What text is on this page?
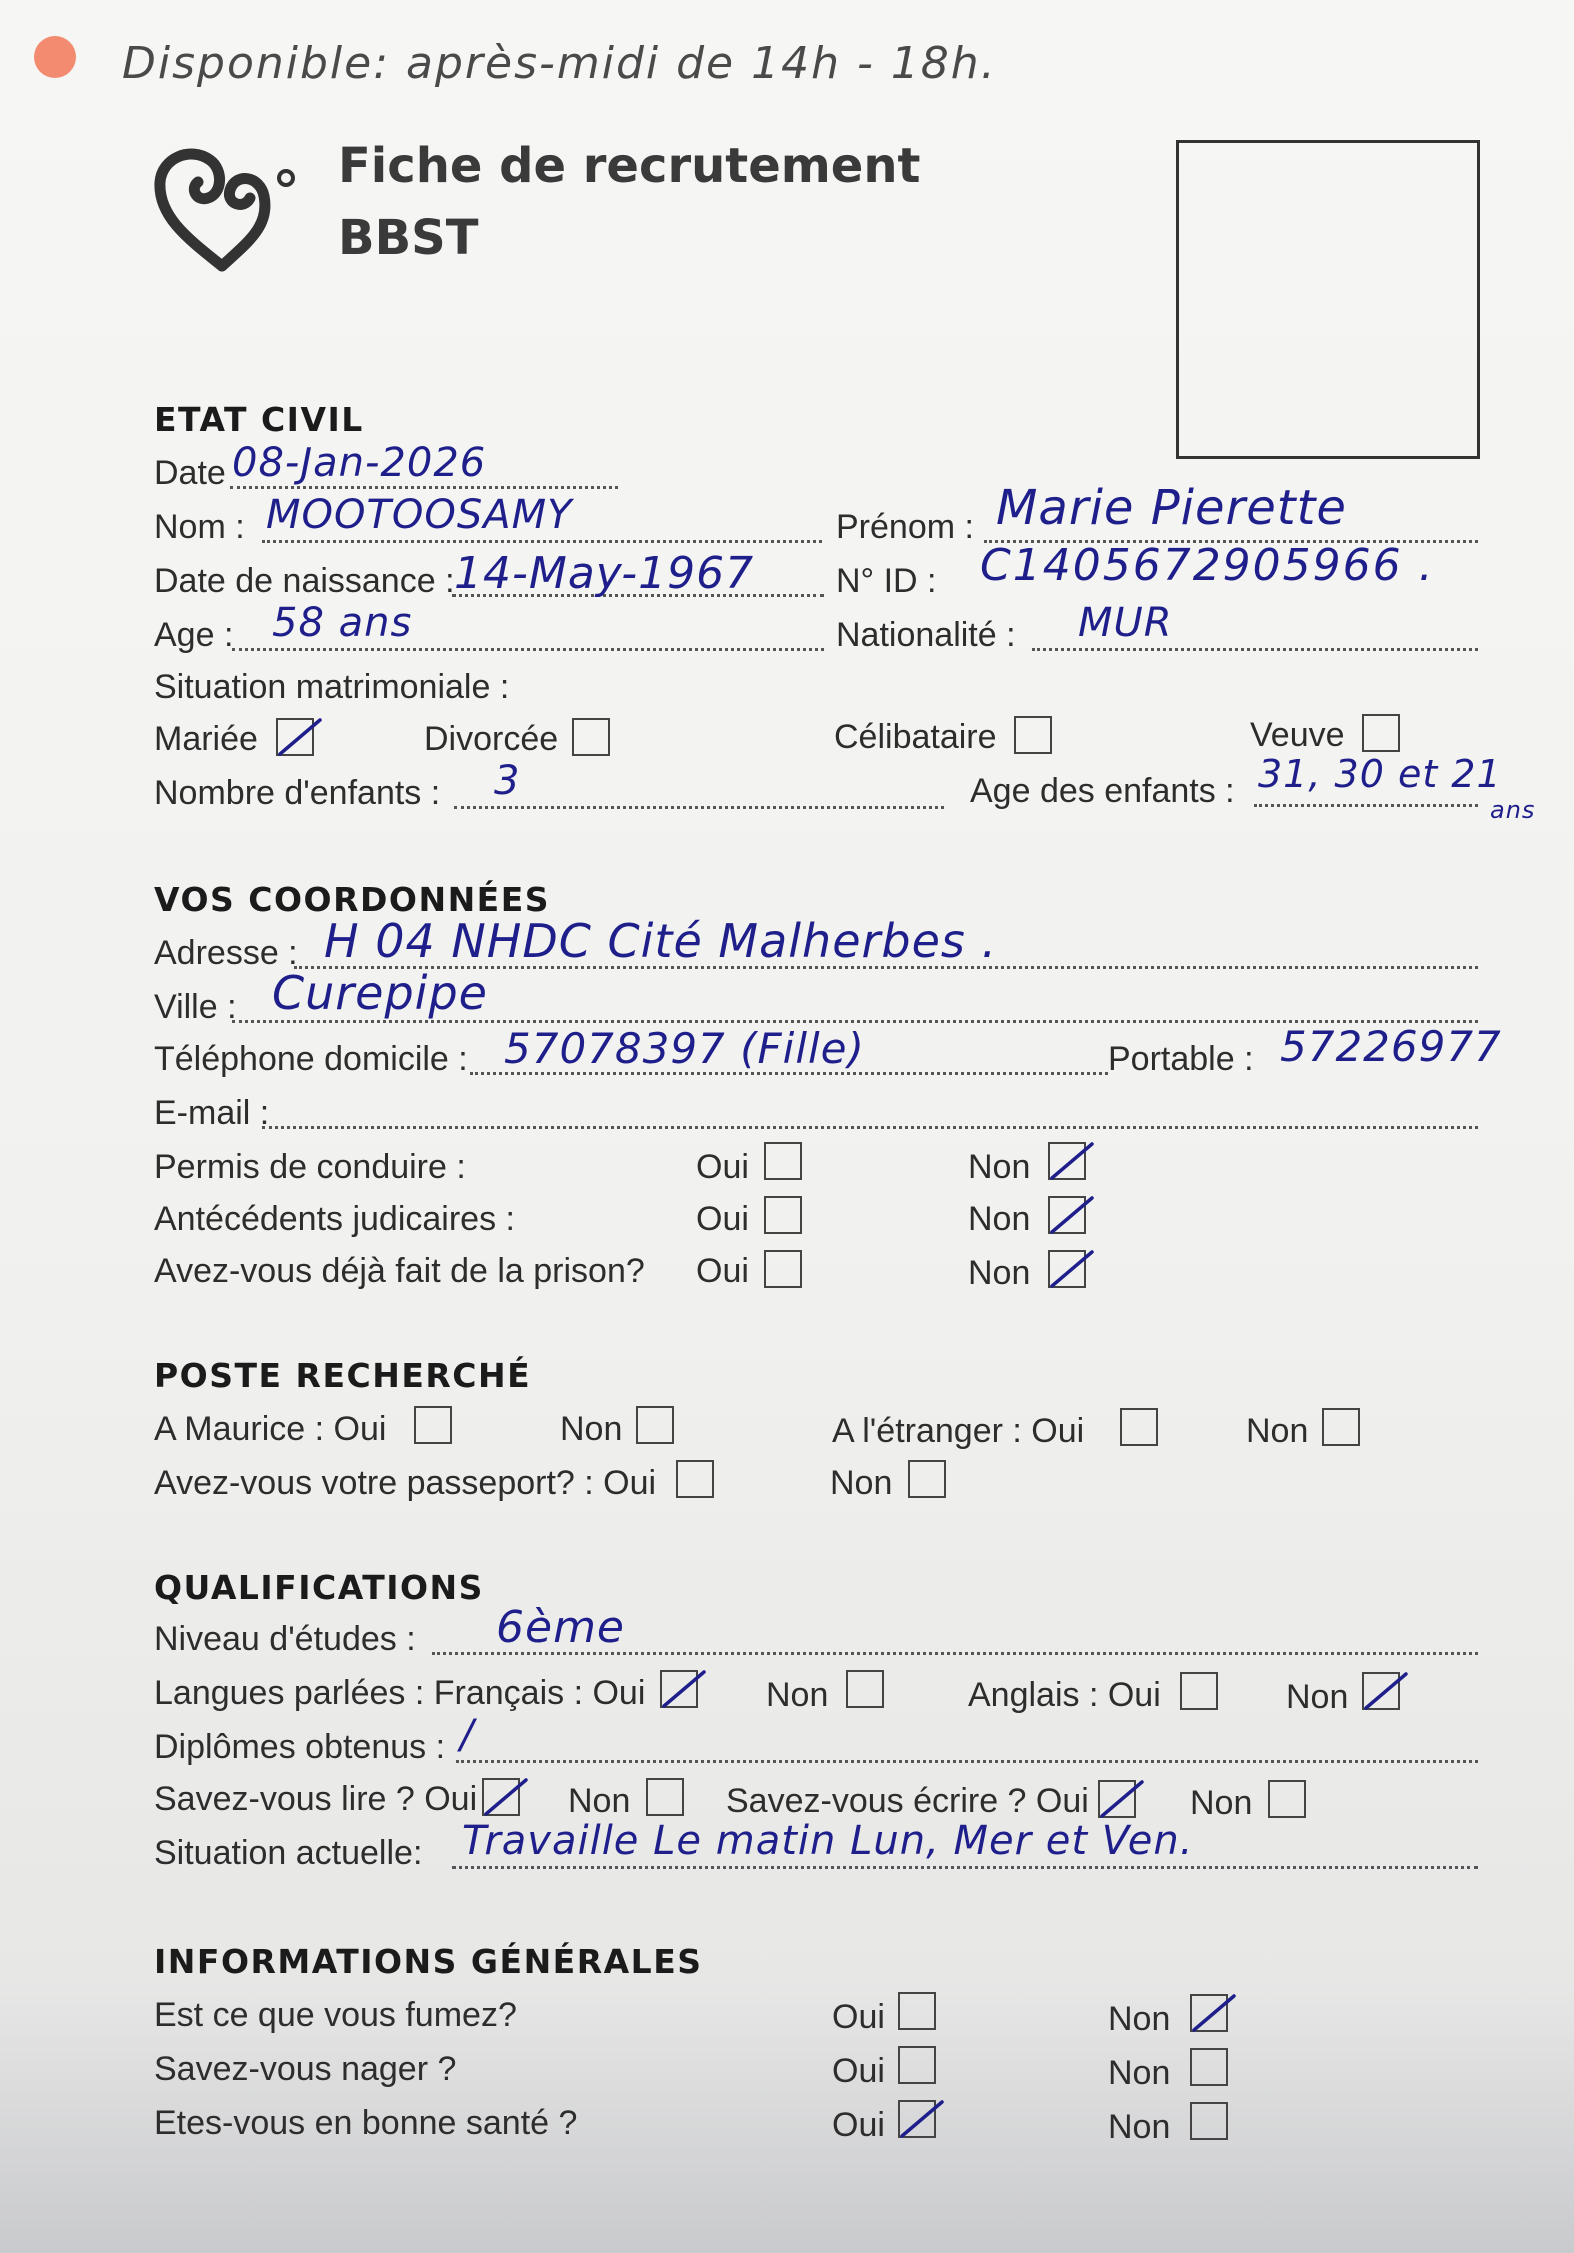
Disponible: après-midi de 14h - 18h.
Fiche de recrutement
BBST
ETAT CIVIL
Date 08-Jan-2026
Nom : MOOTOOSAMY	Prénom : Marie Pierette
Date de naissance : 14-May-1967 N° ID : C1405672905966 .
Age : 58 ans	Nationalité : MUR
Situation matrimoniale :
Mariée	Divorcée	Célibataire	Veuve
Nombre d'enfants : 3	Age des enfants : 31, 30 et 21
ans
VOS COORDONNÉES
Adresse : H 04 NHDC Cité Malherbes .
Ville : Curepipe
Téléphone domicile : 57078397 (Fille)	Portable : 57226977
E-mail :
Permis de conduire :	Oui	Non
Antécédents judicaires :	Oui	Non
Avez-vous déjà fait de la prison? Oui	Non
POSTE RECHERCHÉ
A Maurice : Oui	Non	A l'étranger : Oui	Non
Avez-vous votre passeport? : Oui	Non
QUALIFICATIONS
Niveau d'études : 6ème
Langues parlées : Français : Oui	Non	Anglais : Oui	Non
Diplômes obtenus : /
Savez-vous lire ? Oui	Non	Savez-vous écrire ? Oui	Non
Situation actuelle: Travaille Le matin Lun, Mer et Ven.
INFORMATIONS GÉNÉRALES
Est ce que vous fumez?	Oui	Non
Savez-vous nager ?	Oui	Non
Etes-vous en bonne santé ?	Oui	Non
